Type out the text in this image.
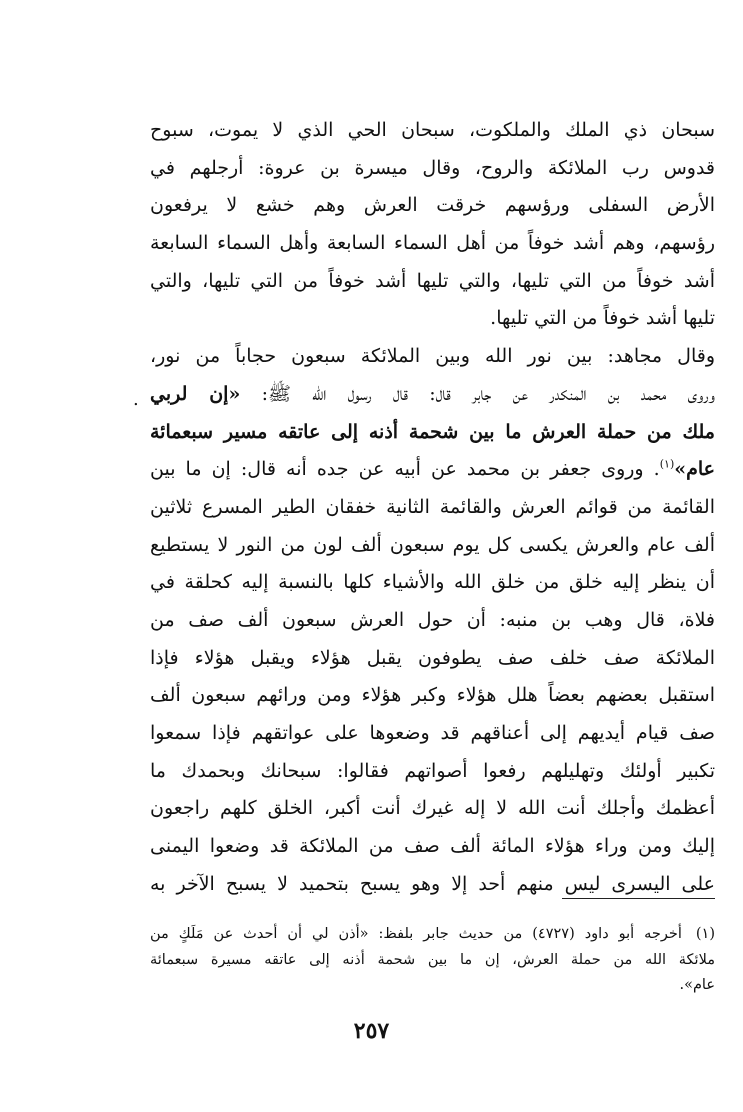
سبحان ذي الملك والملكوت، سبحان الحي الذي لا يموت، سبوح
قدوس رب الملائكة والروح، وقال ميسرة بن عروة: أرجلهم في
الأرض السفلى ورؤسهم خرقت العرش وهم خشع لا يرفعون
رؤسهم، وهم أشد خوفاً من أهل السماء السابعة وأهل السماء السابعة
أشد خوفاً من التي تليها، والتي تليها أشد خوفاً من التي تليها، والتي
تليها أشد خوفاً من التي تليها.
وقال مجاهد: بين نور الله وبين الملائكة سبعون حجاباً من نور،
وروى محمد بن المنكدر عن جابر قال: قال رسول الله ﷺ: «إن لربي
ملك من حملة العرش ما بين شحمة أذنه إلى عاتقه مسير سبعمائة
عام»$^{(١)}$. وروى جعفر بن محمد عن أبيه عن جده أنه قال: إن ما بين
القائمة من قوائم العرش والقائمة الثانية خفقان الطير المسرع ثلاثين
ألف عام والعرش يكسى كل يوم سبعون ألف لون من النور لا يستطيع
أن ينظر إليه خلق من خلق الله والأشياء كلها بالنسبة إليه كحلقة في
فلاة، قال وهب بن منبه: أن حول العرش سبعون ألف صف من
الملائكة صف خلف صف يطوفون يقبل هؤلاء ويقبل هؤلاء فإذا
استقبل بعضهم بعضاً هلل هؤلاء وكبر هؤلاء ومن ورائهم سبعون ألف
صف قيام أيديهم إلى أعناقهم قد وضعوها على عواتقهم فإذا سمعوا
تكبير أولئك وتهليلهم رفعوا أصواتهم فقالوا: سبحانك وبحمدك ما
أعظمك وأجلك أنت الله لا إله غيرك أنت أكبر، الخلق كلهم راجعون
إليك ومن وراء هؤلاء المائة ألف صف من الملائكة قد وضعوا اليمنى
على اليسرى ليس منهم أحد إلا وهو يسبح بتحميد لا يسبح الآخر به
.
(١)أخرجه أبو داود (٤٧٢٧) من حديث جابر بلفظ: «أذن لي أن أحدث عن مَلَكٍ من
ملائكة الله من حملة العرش، إن ما بين شحمة أذنه إلى عاتقه مسيرة سبعمائة
عام».
٢٥٧
